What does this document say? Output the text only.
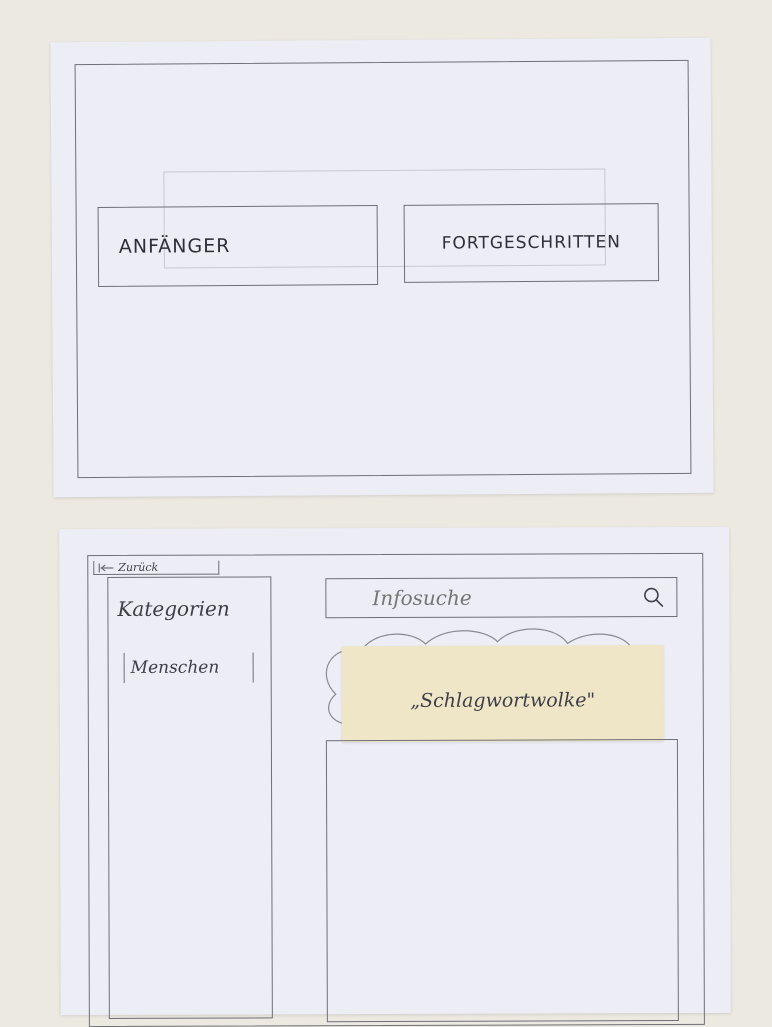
ANFÄNGER	FORTGESCHRITTEN
Zurück
Kategorien
Menschen
Infosuche
„Schlagwortwolke"
